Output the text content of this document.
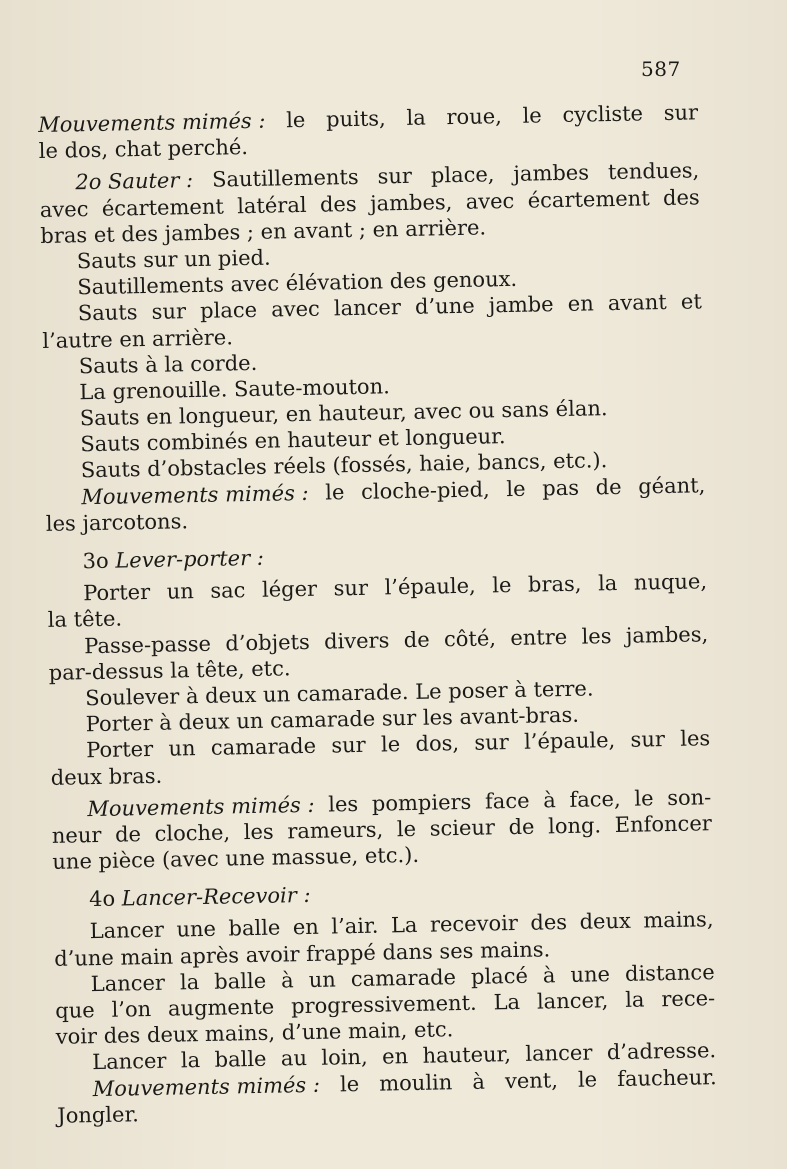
587
Mouvements mimés : le puits, la roue, le cycliste sur
le dos, chat perché.
2o Sauter : Sautillements sur place, jambes tendues,
avec écartement latéral des jambes, avec écartement des
bras et des jambes ; en avant ; en arrière.
Sauts sur un pied.
Sautillements avec élévation des genoux.
Sauts sur place avec lancer d’une jambe en avant et
l’autre en arrière.
Sauts à la corde.
La grenouille. Saute-mouton.
Sauts en longueur, en hauteur, avec ou sans élan.
Sauts combinés en hauteur et longueur.
Sauts d’obstacles réels (fossés, haie, bancs, etc.).
Mouvements mimés : le cloche-pied, le pas de géant,
les jarcotons.
3o Lever-porter :
Porter un sac léger sur l’épaule, le bras, la nuque,
la tête.
Passe-passe d’objets divers de côté, entre les jambes,
par-dessus la tête, etc.
Soulever à deux un camarade. Le poser à terre.
Porter à deux un camarade sur les avant-bras.
Porter un camarade sur le dos, sur l’épaule, sur les
deux bras.
Mouvements mimés : les pompiers face à face, le son-
neur de cloche, les rameurs, le scieur de long. Enfoncer
une pièce (avec une massue, etc.).
4o Lancer-Recevoir :
Lancer une balle en l’air. La recevoir des deux mains,
d’une main après avoir frappé dans ses mains.
Lancer la balle à un camarade placé à une distance
que l’on augmente progressivement. La lancer, la rece-
voir des deux mains, d’une main, etc.
Lancer la balle au loin, en hauteur, lancer d’adresse.
Mouvements mimés : le moulin à vent, le faucheur.
Jongler.
